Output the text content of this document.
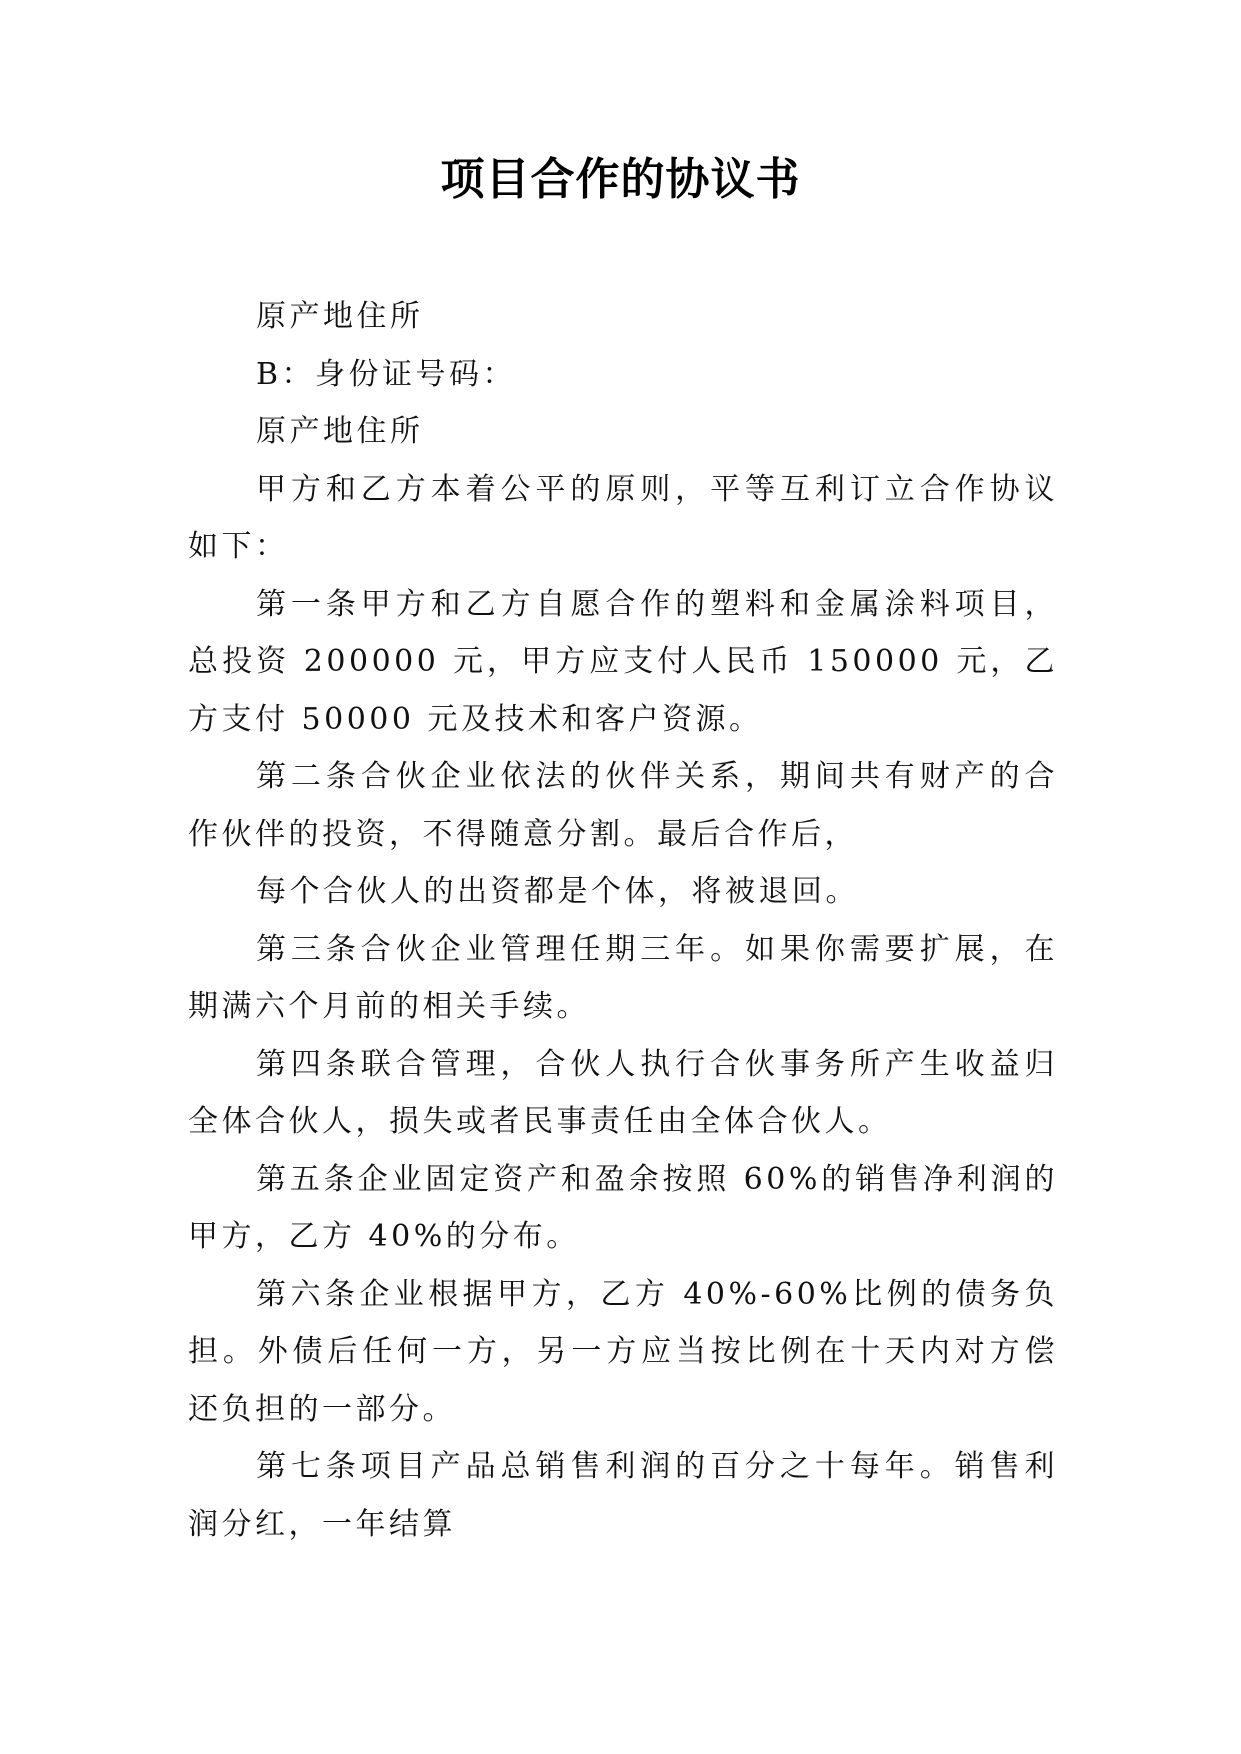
项目合作的协议书

原产地住所

B：身份证号码：

原产地住所

甲方和乙方本着公平的原则，平等互利订立合作协议如下：

第一条甲方和乙方自愿合作的塑料和金属涂料项目，总投资 200000 元，甲方应支付人民币 150000 元，乙方支付 50000 元及技术和客户资源。

第二条合伙企业依法的伙伴关系，期间共有财产的合作伙伴的投资，不得随意分割。最后合作后，

每个合伙人的出资都是个体，将被退回。

第三条合伙企业管理任期三年。如果你需要扩展，在期满六个月前的相关手续。

第四条联合管理，合伙人执行合伙事务所产生收益归全体合伙人，损失或者民事责任由全体合伙人。

第五条企业固定资产和盈余按照 60%的销售净利润的甲方，乙方 40%的分布。

第六条企业根据甲方，乙方 40%-60%比例的债务负担。外债后任何一方，另一方应当按比例在十天内对方偿还负担的一部分。

第七条项目产品总销售利润的百分之十每年。销售利润分红，一年结算
